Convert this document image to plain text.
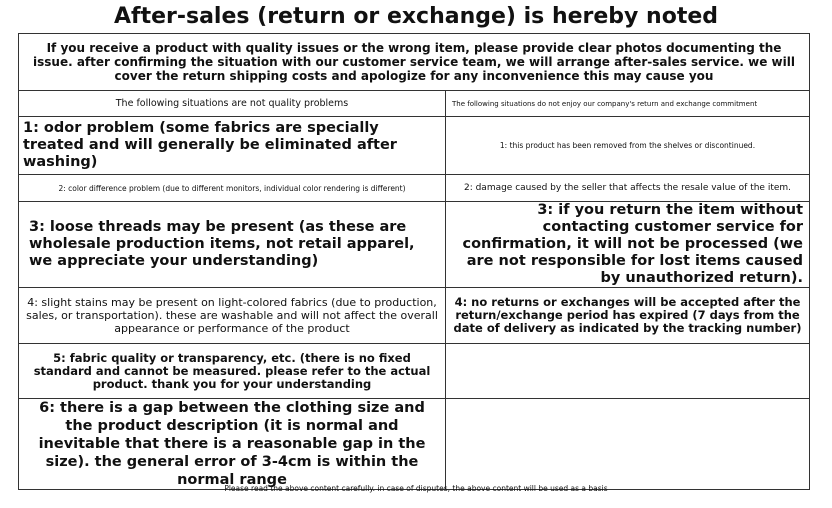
After-sales (return or exchange) is hereby noted
If you receive a product with quality issues or the wrong item, please provide clear photos documenting the issue. after confirming the situation with our customer service team, we will arrange after-sales service. we will cover the return shipping costs and apologize for any inconvenience this may cause you	
The following situations are not quality problems	The following situations do not enjoy our company's return and exchange commitment
1: odor problem (some fabrics are specially treated and will generally be eliminated after washing)	1: this product has been removed from the shelves or discontinued.
2: color difference problem (due to different monitors, individual color rendering is different)	2: damage caused by the seller that affects the resale value of the item.
3: loose threads may be present (as these are wholesale production items, not retail apparel, we appreciate your understanding)	3: if you return the item without contacting customer service for confirmation, it will not be processed (we are not responsible for lost items caused by unauthorized return).
4: slight stains may be present on light-colored fabrics (due to production, sales, or transportation). these are washable and will not affect the overall appearance or performance of the product	4: no returns or exchanges will be accepted after the return/exchange period has expired (7 days from the date of delivery as indicated by the tracking number)
5: fabric quality or transparency, etc. (there is no fixed standard and cannot be measured. please refer to the actual product. thank you for your understanding	
6: there is a gap between the clothing size and the product description (it is normal and inevitable that there is a reasonable gap in the size). the general error of 3-4cm is within the normal range	
Please read the above content carefully. in case of disputes, the above content will be used as a basis
